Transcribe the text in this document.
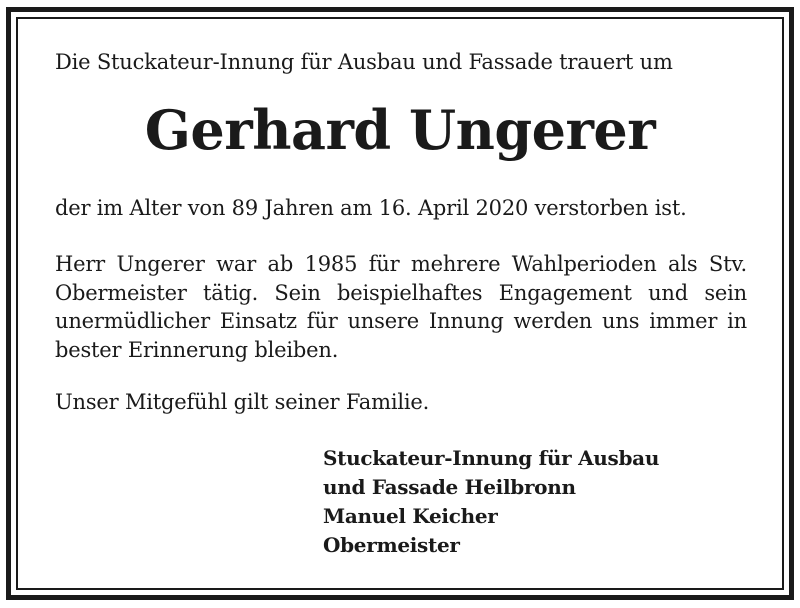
Die Stuckateur-Innung für Ausbau und Fassade trauert um
Gerhard Ungerer
der im Alter von 89 Jahren am 16. April 2020 verstorben ist.
Herr Ungerer war ab 1985 für mehrere Wahlperioden als Stv. Obermeister tätig. Sein beispielhaftes Engagement und sein unermüdlicher Einsatz für unsere Innung werden uns immer in bester Erinnerung bleiben.
Unser Mitgefühl gilt seiner Familie.
Stuckateur-Innung für Ausbau
und Fassade Heilbronn
Manuel Keicher
Obermeister
